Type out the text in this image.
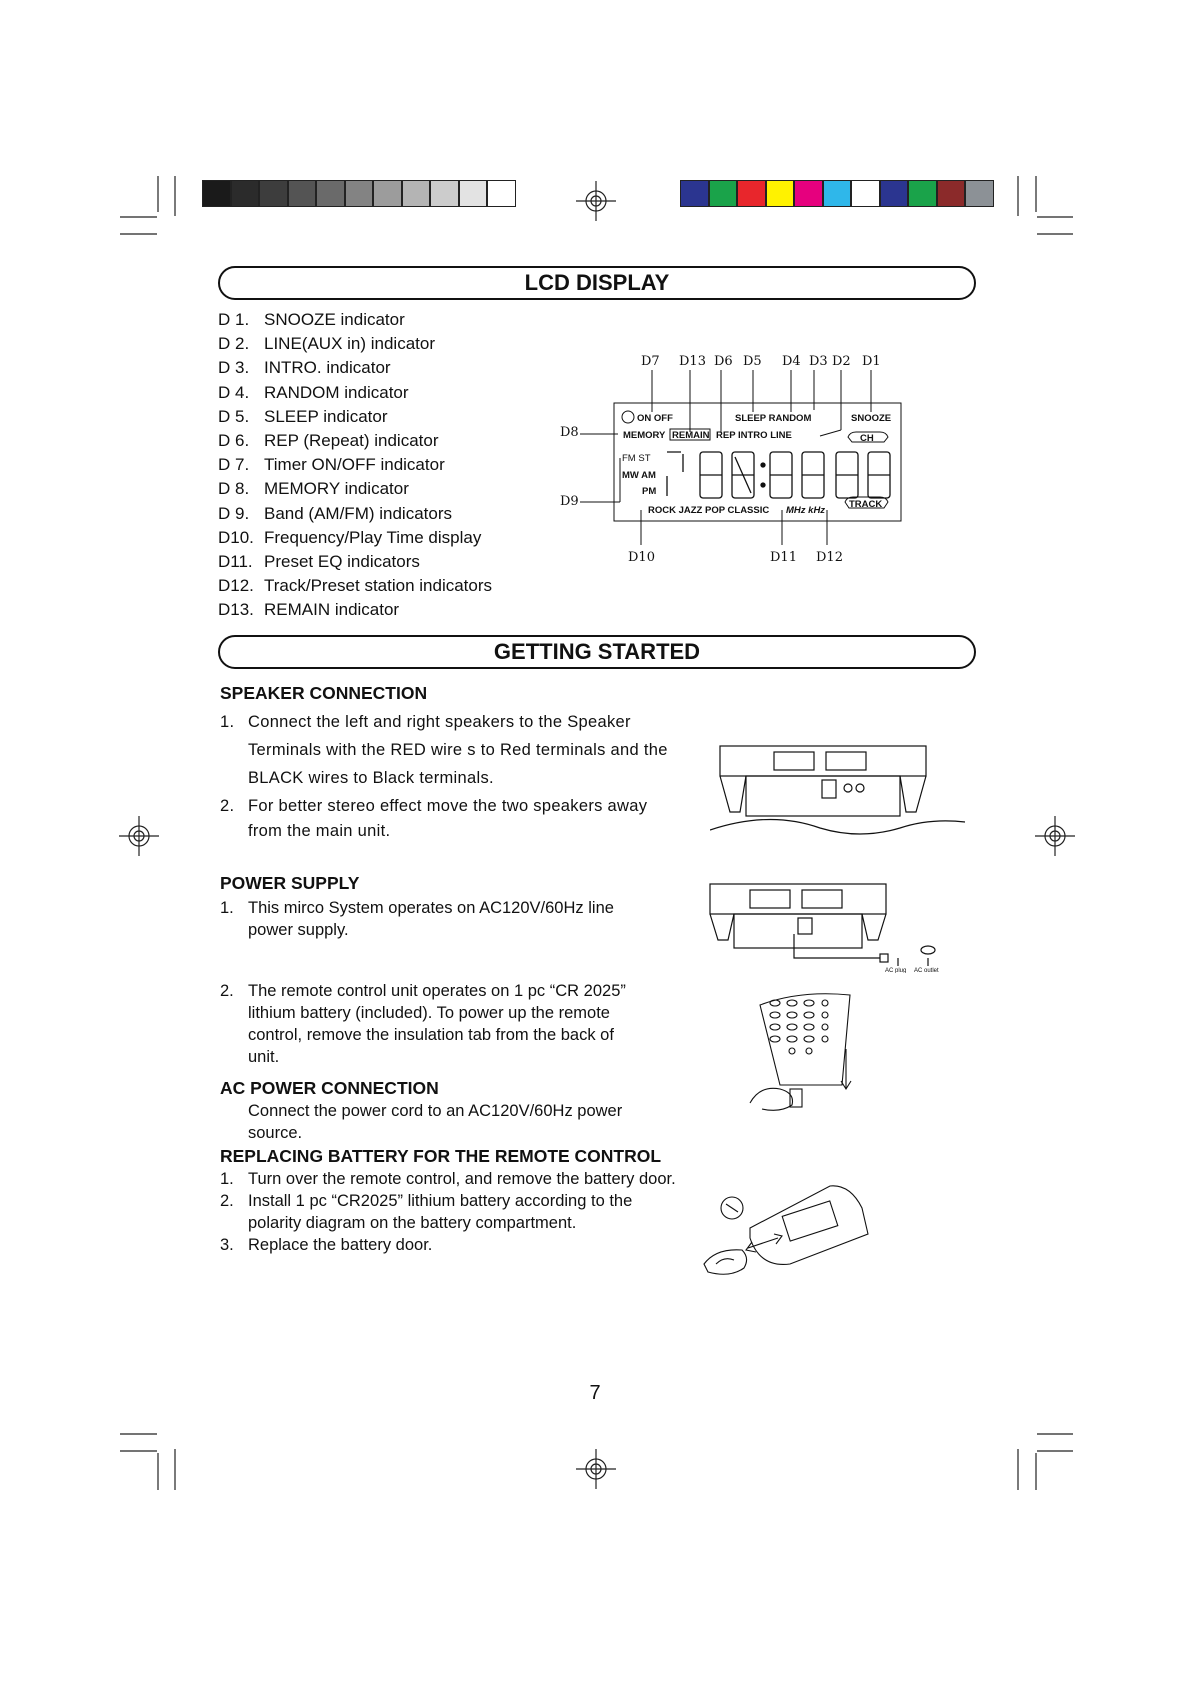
LCD DISPLAY
D 1. SNOOZE indicator
D 2. LINE(AUX in) indicator
D 3. INTRO. indicator
D 4. RANDOM indicator
D 5. SLEEP indicator
D 6. REP (Repeat) indicator
D 7. Timer ON/OFF indicator
D 8. MEMORY indicator
D 9. Band (AM/FM) indicators
D10. Frequency/Play Time display
D11. Preset EQ indicators
D12. Track/Preset station indicators
D13. REMAIN indicator
D7 D13 D6 D5 D4 D3 D2 D1
D8
D9
D10	D11 D12
ON OFF	SLEEP RANDOM	SNOOZE
MEMORY REMAIN REP INTRO LINE	CH
FM ST
MW AM
PM
ROCK JAZZ POP CLASSIC MHz kHz
TRACK
GETTING STARTED
SPEAKER CONNECTION
1. Connect the left and right speakers to the Speaker
Terminals with the RED wire s to Red terminals and the
BLACK wires to Black terminals.
2. For better stereo effect move the two speakers away
from the main unit.
POWER SUPPLY
1. This mirco System operates on AC120V/60Hz line
power supply.
2. The remote control unit operates on 1 pc “CR 2025”
lithium battery (included). To power up the remote
control, remove the insulation tab from the back of
unit.
AC plug AC outlet
AC POWER CONNECTION
Connect the power cord to an AC120V/60Hz power
source.
REPLACING BATTERY FOR THE REMOTE CONTROL
1. Turn over the remote control, and remove the battery door.
2. Install 1 pc “CR2025” lithium battery according to the
polarity diagram on the battery compartment.
3. Replace the battery door.
7
